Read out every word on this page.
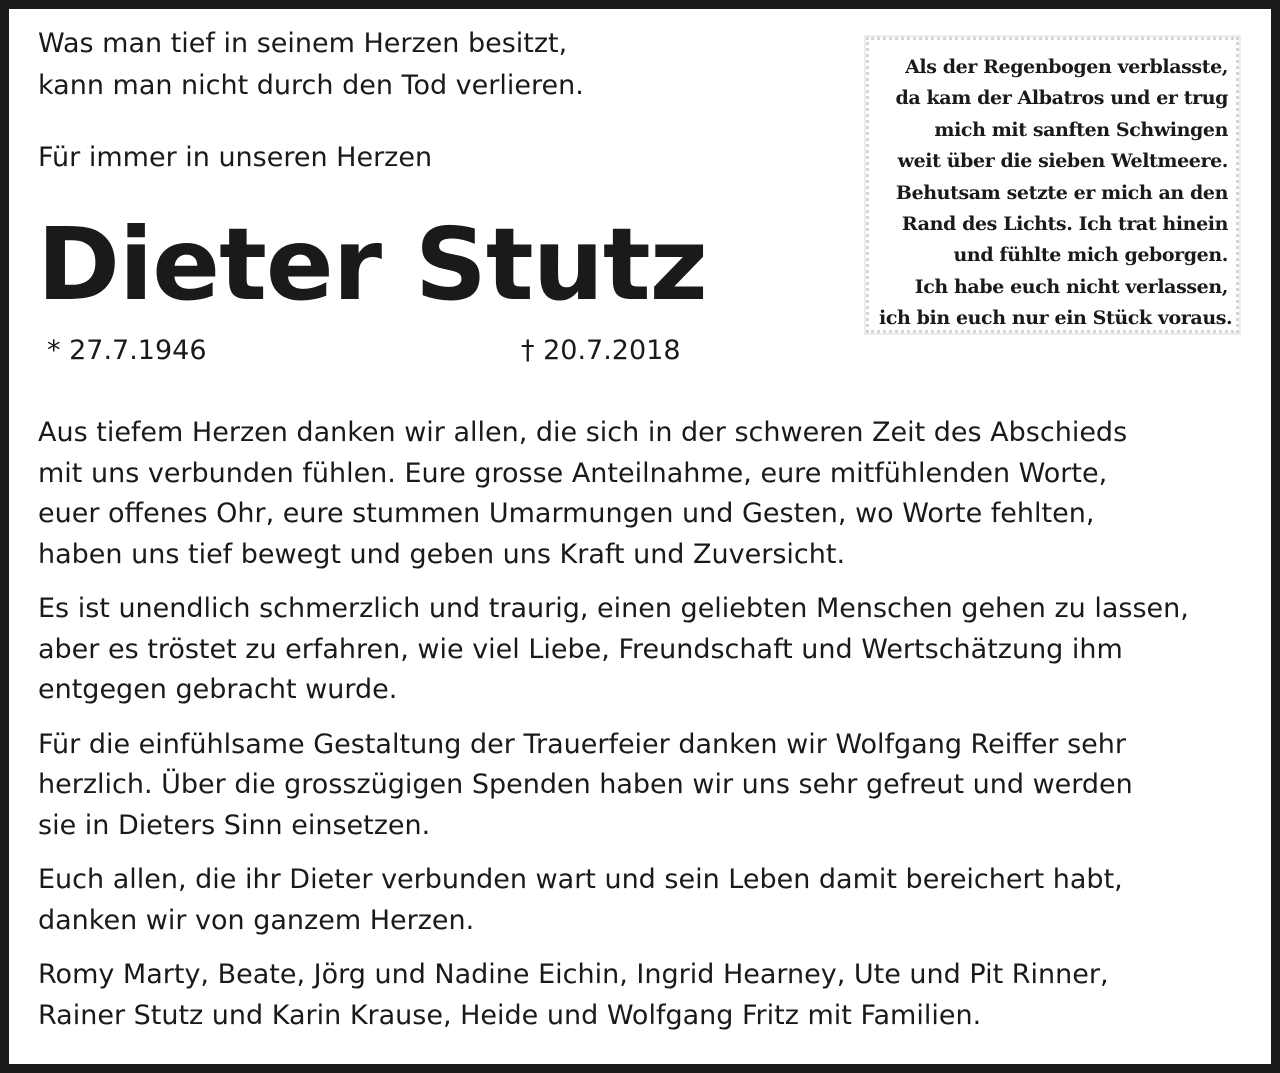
Was man tief in seinem Herzen besitzt,
kann man nicht durch den Tod verlieren.
Für immer in unseren Herzen
Dieter Stutz
* 27.7.1946	† 20.7.2018
Als der Regenbogen verblasste,
da kam der Albatros und er trug
mich mit sanften Schwingen
weit über die sieben Weltmeere.
Behutsam setzte er mich an den
Rand des Lichts. Ich trat hinein
und fühlte mich geborgen.
Ich habe euch nicht verlassen,
ich bin euch nur ein Stück voraus.
Aus tiefem Herzen danken wir allen, die sich in der schweren Zeit des Abschieds
mit uns verbunden fühlen. Eure grosse Anteilnahme, eure mitfühlenden Worte,
euer offenes Ohr, eure stummen Umarmungen und Gesten, wo Worte fehlten,
haben uns tief bewegt und geben uns Kraft und Zuversicht.
Es ist unendlich schmerzlich und traurig, einen geliebten Menschen gehen zu lassen,
aber es tröstet zu erfahren, wie viel Liebe, Freundschaft und Wertschätzung ihm
entgegen gebracht wurde.
Für die einfühlsame Gestaltung der Trauerfeier danken wir Wolfgang Reiffer sehr
herzlich. Über die grosszügigen Spenden haben wir uns sehr gefreut und werden
sie in Dieters Sinn einsetzen.
Euch allen, die ihr Dieter verbunden wart und sein Leben damit bereichert habt,
danken wir von ganzem Herzen.
Romy Marty, Beate, Jörg und Nadine Eichin, Ingrid Hearney, Ute und Pit Rinner,
Rainer Stutz und Karin Krause, Heide und Wolfgang Fritz mit Familien.
